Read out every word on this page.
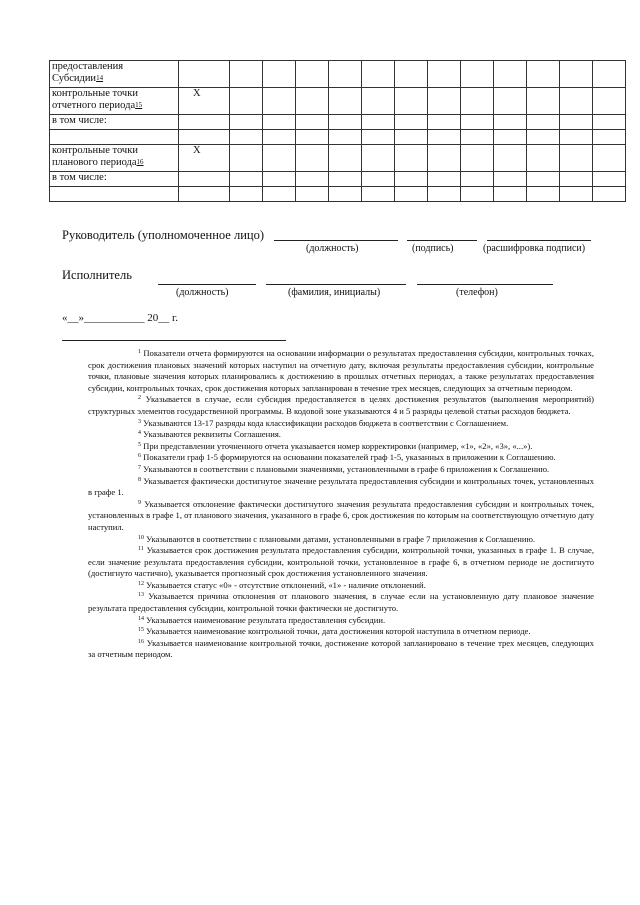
предоставления Субсидии$^{14}$													
контрольные точки отчетного периода$^{15}$	X												
в том числе:													

контрольные точки планового периода$^{16}$	X												
в том числе:													

Руководитель (уполномоченное лицо)
(должность)	(подпись)	(расшифровка подписи)
Исполнитель
(должность)	(фамилия, инициалы)	(телефон)
«__»___________ 20__ г.

$^1$ Показатели отчета формируются на основании информации о результатах предоставления субсидии, контрольных точках, срок достижения плановых значений которых наступил на отчетную дату, включая результаты предоставления субсидии, контрольные точки, плановые значения которых планировались к достижению в прошлых отчетных периодах, а также результатах предоставления субсидии, контрольных точках, срок достижения которых запланирован в течение трех месяцев, следующих за отчетным периодом.

$^2$ Указывается в случае, если субсидия предоставляется в целях достижения результатов (выполнения мероприятий) структурных элементов государственной программы. В кодовой зоне указываются 4 и 5 разряды целевой статьи расходов бюджета.

$^3$ Указываются 13-17 разряды кода классификации расходов бюджета в соответствии с Соглашением.

$^4$ Указываются реквизиты Соглашения.

$^5$ При представлении уточненного отчета указывается номер корректировки (например, «1», «2», «3», «...»).

$^6$ Показатели граф 1-5 формируются на основании показателей граф 1-5, указанных в приложении к Соглашению.

$^7$ Указываются в соответствии с плановыми значениями, установленными в графе 6 приложения к Соглашению.

$^8$ Указывается фактически достигнутое значение результата предоставления субсидии и контрольных точек, установленных в графе 1.

$^9$ Указывается отклонение фактически достигнутого значения результата предоставления субсидии и контрольных точек, установленных в графе 1, от планового значения, указанного в графе 6, срок достижения по которым на соответствующую отчетную дату наступил.

$^{10}$ Указываются в соответствии с плановыми датами, установленными в графе 7 приложения к Соглашению.

$^{11}$ Указывается срок достижения результата предоставления субсидии, контрольной точки, указанных в графе 1. В случае, если значение результата предоставления субсидии, контрольной точки, установленное в графе 6, в отчетном периоде не достигнуто (достигнуто частично), указывается прогнозный срок достижения установленного значения.

$^{12}$ Указывается статус «0» - отсутствие отклонений, «1» - наличие отклонений.

$^{13}$ Указывается причина отклонения от планового значения, в случае если на установленную дату плановое значение результата предоставления субсидии, контрольной точки фактически не достигнуто.

$^{14}$ Указывается наименование результата предоставления субсидии.

$^{15}$ Указывается наименование контрольной точки, дата достижения которой наступила в отчетном периоде.

$^{16}$ Указывается наименование контрольной точки, достижение которой запланировано в течение трех месяцев, следующих за отчетным периодом.
